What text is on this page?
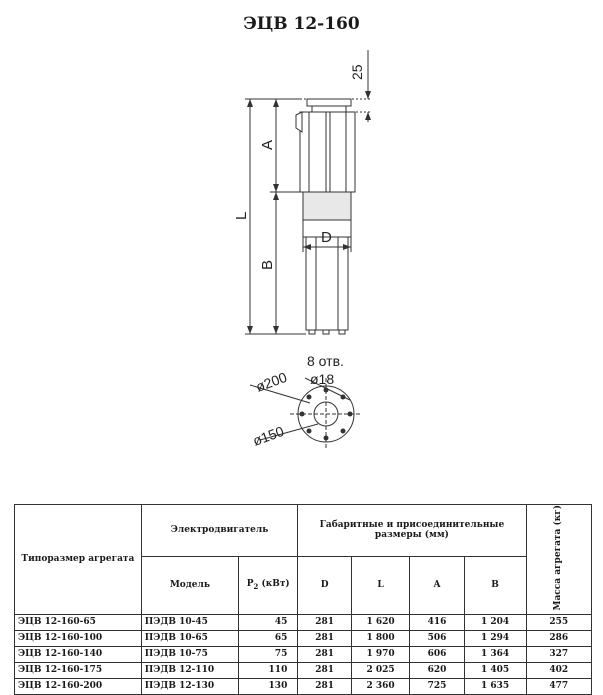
ЭЦВ 12-160
25
A
B
L
D
8 отв.
ø18
ø200
ø150
Типоразмер агрегата	Электродвигатель		Габаритные и присоединительные размеры (мм)				Масса агрегата (кг)
	Модель	$P_2$ (кВт)	D	L	A	B	
ЭЦВ 12-160-65	ПЭДВ 10-45	45	281	1 620	416	1 204	255
ЭЦВ 12-160-100	ПЭДВ 10-65	65	281	1 800	506	1 294	286
ЭЦВ 12-160-140	ПЭДВ 10-75	75	281	1 970	606	1 364	327
ЭЦВ 12-160-175	ПЭДВ 12-110	110	281	2 025	620	1 405	402
ЭЦВ 12-160-200	ПЭДВ 12-130	130	281	2 360	725	1 635	477
